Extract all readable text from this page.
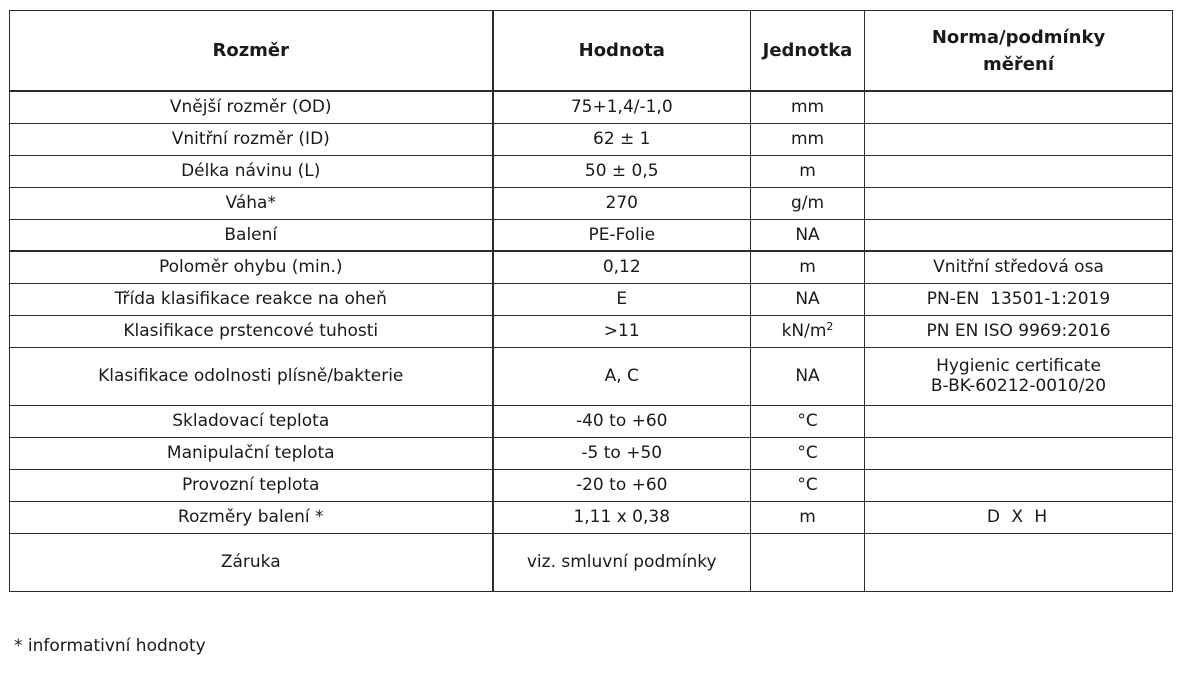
Rozměr	Hodnota	Jednotka	Norma/podmínky
měření
Vnější rozměr (OD)	75+1,4/-1,0	mm	
Vnitřní rozměr (ID)	62 ± 1	mm	
Délka návinu (L)	50 ± 0,5	m	
Váha*	270	g/m	
Balení	PE-Folie	NA	
Poloměr ohybu (min.)	0,12	m	Vnitřní středová osa
Třída klasifikace reakce na oheň	E	NA	PN-EN  13501-1:2019
Klasifikace prstencové tuhosti	>11	$kN/m^2$	PN EN ISO 9969:2016
Klasifikace odolnosti plísně/bakterie	A, C	NA	Hygienic certificate
B-BK-60212-0010/20
Skladovací teplota	-40 to +60	°C	
Manipulační teplota	-5 to +50	°C	
Provozní teplota	-20 to +60	°C	
Rozměry balení *	1,11 x 0,38	m	D X H
Záruka	viz. smluvní podmínky		
* informativní hodnoty
